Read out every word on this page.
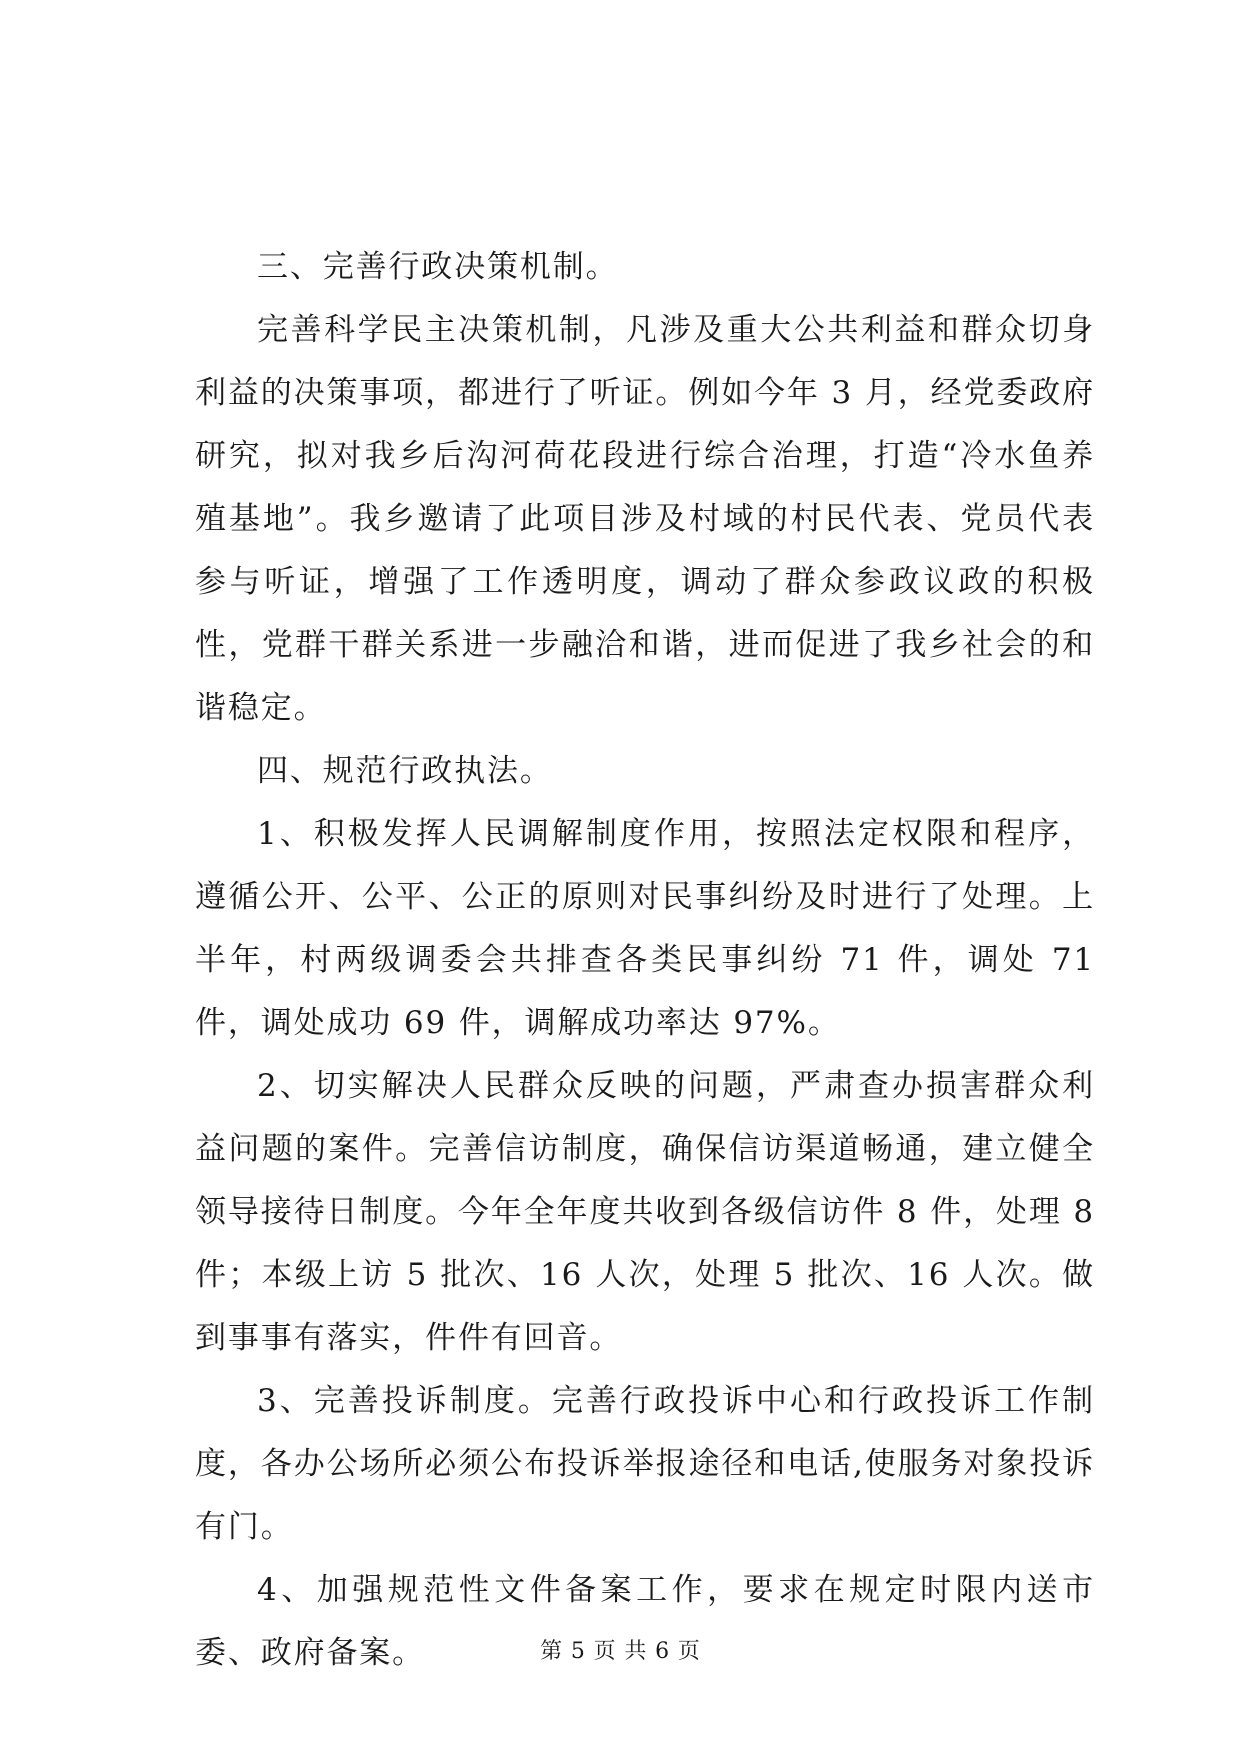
三、完善行政决策机制。

完善科学民主决策机制，凡涉及重大公共利益和群众切身利益的决策事项，都进行了听证。例如今年 3 月，经党委政府研究，拟对我乡后沟河荷花段进行综合治理，打造“冷水鱼养殖基地”。我乡邀请了此项目涉及村域的村民代表、党员代表参与听证，增强了工作透明度，调动了群众参政议政的积极性，党群干群关系进一步融洽和谐，进而促进了我乡社会的和谐稳定。

四、规范行政执法。

1、积极发挥人民调解制度作用，按照法定权限和程序，遵循公开、公平、公正的原则对民事纠纷及时进行了处理。上半年，村两级调委会共排查各类民事纠纷 71 件，调处 71 件，调处成功 69 件，调解成功率达 97%。

2、切实解决人民群众反映的问题，严肃查办损害群众利益问题的案件。完善信访制度，确保信访渠道畅通，建立健全领导接待日制度。今年全年度共收到各级信访件 8 件，处理 8 件；本级上访 5 批次、16 人次，处理 5 批次、16 人次。做到事事有落实，件件有回音。

3、完善投诉制度。完善行政投诉中心和行政投诉工作制度，各办公场所必须公布投诉举报途径和电话,使服务对象投诉有门。

4、加强规范性文件备案工作，要求在规定时限内送市委、政府备案。	第 5 页 共 6 页
